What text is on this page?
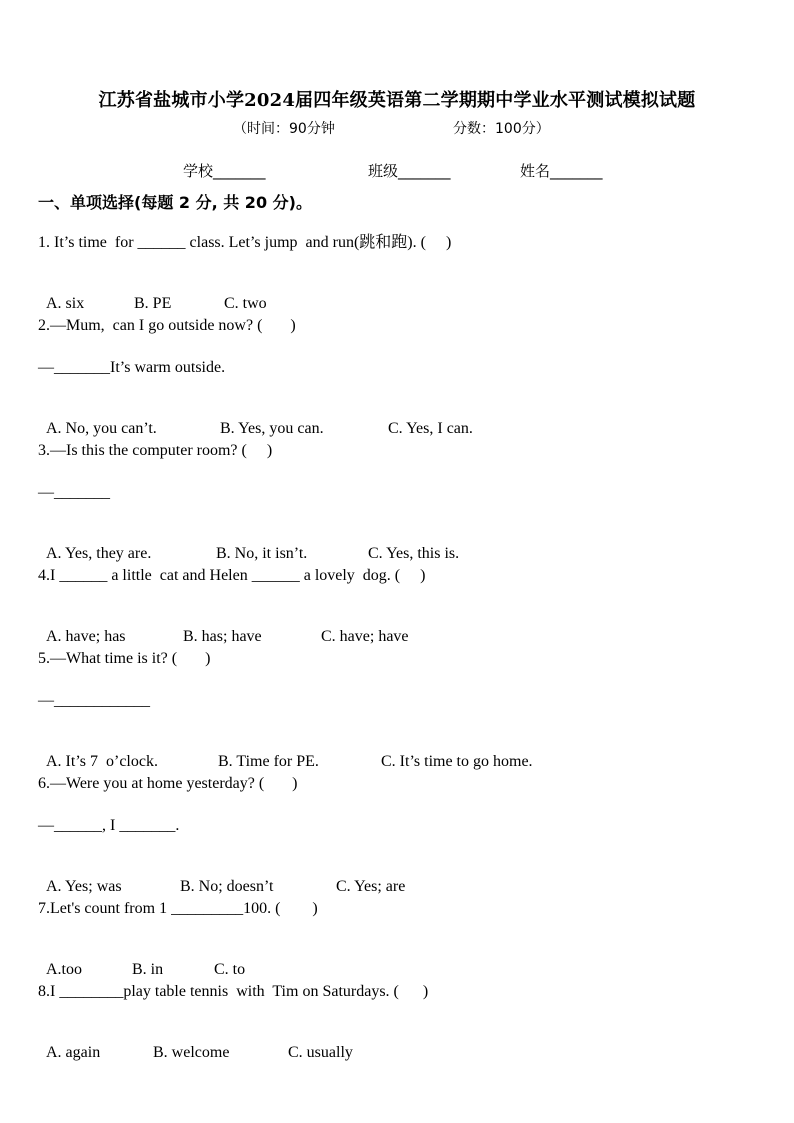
江苏省盐城市小学2024届四年级英语第二学期期中学业水平测试模拟试题
（时间：90分钟	分数：100分）
学校_______	班级_______	姓名_______
一、单项选择(每题 2 分, 共 20 分)。
1. It’s time  for ______ class. Let’s jump  and run(跳和跑). (     )

A. six	B. PE	C. two

2.—Mum,  can I go outside now? (       )
—_______It’s warm outside.

A. No, you can’t.	B. Yes, you can.	C. Yes, I can.

3.—Is this the computer room? (     )
—_______

A. Yes, they are.	B. No, it isn’t.	C. Yes, this is.

4.I ______ a little  cat and Helen ______ a lovely  dog. (     )

A. have; has	B. has; have	C. have; have

5.—What time is it? (       )
—____________

A. It’s 7  o’clock.	B. Time for PE.	C. It’s time to go home.

6.—Were you at home yesterday? (       )
—______, I _______.

A. Yes; was	B. No; doesn’t	C. Yes; are

7.Let's count from 1 _________100. (        )

A.too	B. in	C. to

8.I ________play table tennis  with  Tim on Saturdays. (      )

A. again	B. welcome	C. usually
